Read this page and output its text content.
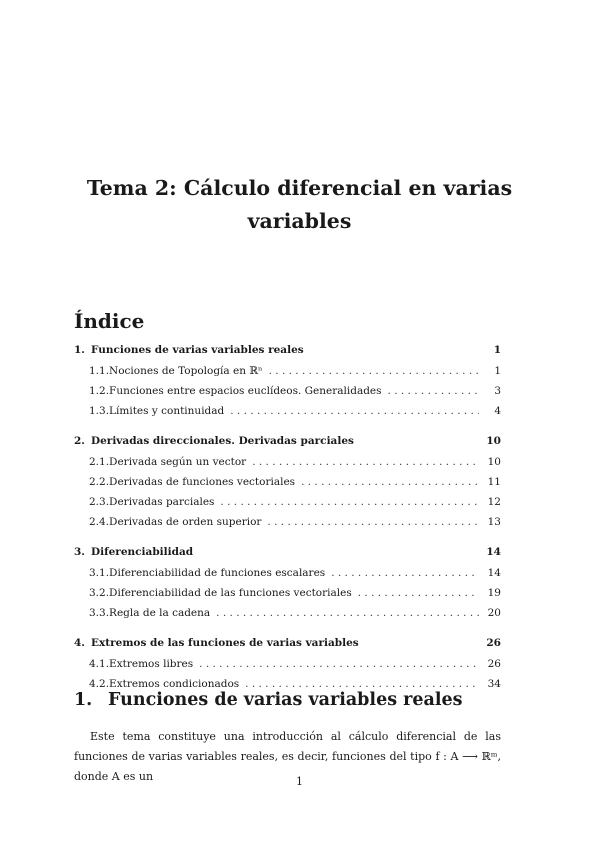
Tema 2: Cálculo diferencial en varias variables
Índice
1. Funciones de varias variables reales	1
1.1. Nociones de Topología en ℝⁿ . . .	1
1.2. Funciones entre espacios euclídeos. Generalidades . . .	3
1.3. Límites y continuidad . . .	4
2. Derivadas direccionales. Derivadas parciales	10
2.1. Derivada según un vector . . .	10
2.2. Derivadas de funciones vectoriales . . .	11
2.3. Derivadas parciales . . .	12
2.4. Derivadas de orden superior . . .	13
3. Diferenciabilidad	14
3.1. Diferenciabilidad de funciones escalares . . .	14
3.2. Diferenciabilidad de las funciones vectoriales . . .	19
3.3. Regla de la cadena . . .	20
4. Extremos de las funciones de varias variables	26
4.1. Extremos libres . . .	26
4.2. Extremos condicionados . . .	34
1. Funciones de varias variables reales

Este tema constituye una introducción al cálculo diferencial de las funciones de varias variables reales, es decir, funciones del tipo f : A ⟶ ℝᵐ, donde A es un	1
